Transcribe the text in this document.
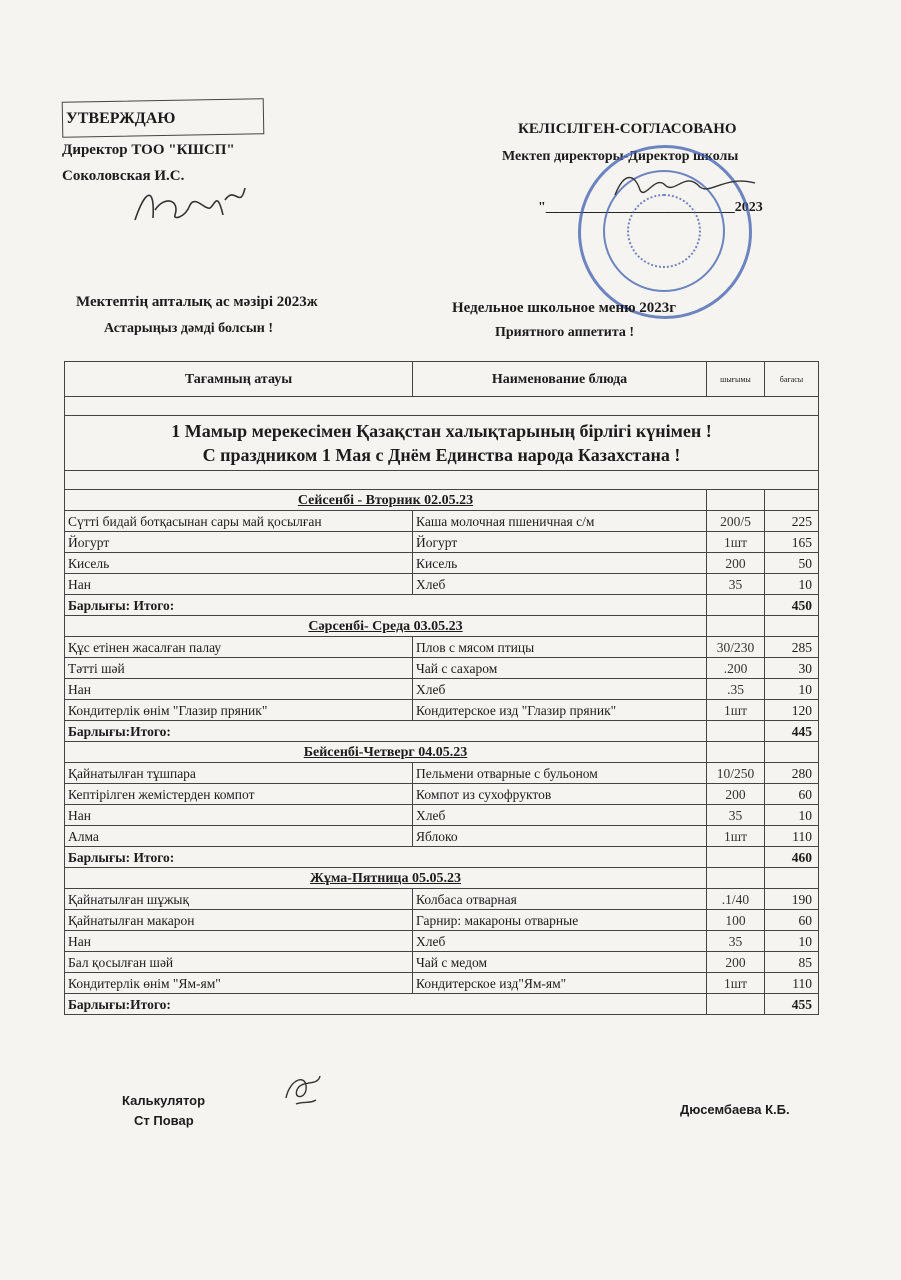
УТВЕРЖДАЮ
Директор ТОО "КШСП"
Соколовская И.С.
КЕЛІСІЛГЕН-СОГЛАСОВАНО
Мектеп директоры-Директор школы
"___________________________2023
Мектептің апталық ас мәзірі 2023ж
Астарыңыз дәмді болсын !
Недельное школьное меню 2023г
Приятного аппетита !
Тағамның атауы	Наименование блюда	шығымы	бағасы

1 Мамыр мерекесімен Қазақстан халықтарының бірлігі күнімен !
С праздником 1 Мая с Днём Единства народа Казахстана !			

Сейсенбі - Вторник 02.05.23			
Сүтті бидай ботқасынан сары май қосылған	Каша молочная пшеничная с/м	200/5	225
Йогурт	Йогурт	1шт	165
Кисель	Кисель	200	50
Нан	Хлеб	35	10
Барлығы: Итого:			450
Сәрсенбі- Среда 03.05.23			
Құс етінен жасалған палау	Плов с мясом птицы	30/230	285
Тәтті шәй	Чай с сахаром	.200	30
Нан	Хлеб	.35	10
Кондитерлік өнім "Глазир пряник"	Кондитерское изд "Глазир пряник"	1шт	120
Барлығы:Итого:			445
Бейсенбі-Четверг 04.05.23			
Қайнатылған тұшпара	Пельмени отварные с бульоном	10/250	280
Кептірілген жемістерден компот	Компот из сухофруктов	200	60
Нан	Хлеб	35	10
Алма	Яблоко	1шт	110
Барлығы: Итого:			460
Жұма-Пятница 05.05.23			
Қайнатылған шұжық	Колбаса отварная	.1/40	190
Қайнатылған макарон	Гарнир: макароны отварные	100	60
Нан	Хлеб	35	10
Бал қосылған шәй	Чай с медом	200	85
Кондитерлік өнім "Ям-ям"	Кондитерское изд"Ям-ям"	1шт	110
Барлығы:Итого:			455
Калькулятор
Ст Повар
Дюсембаева К.Б.
